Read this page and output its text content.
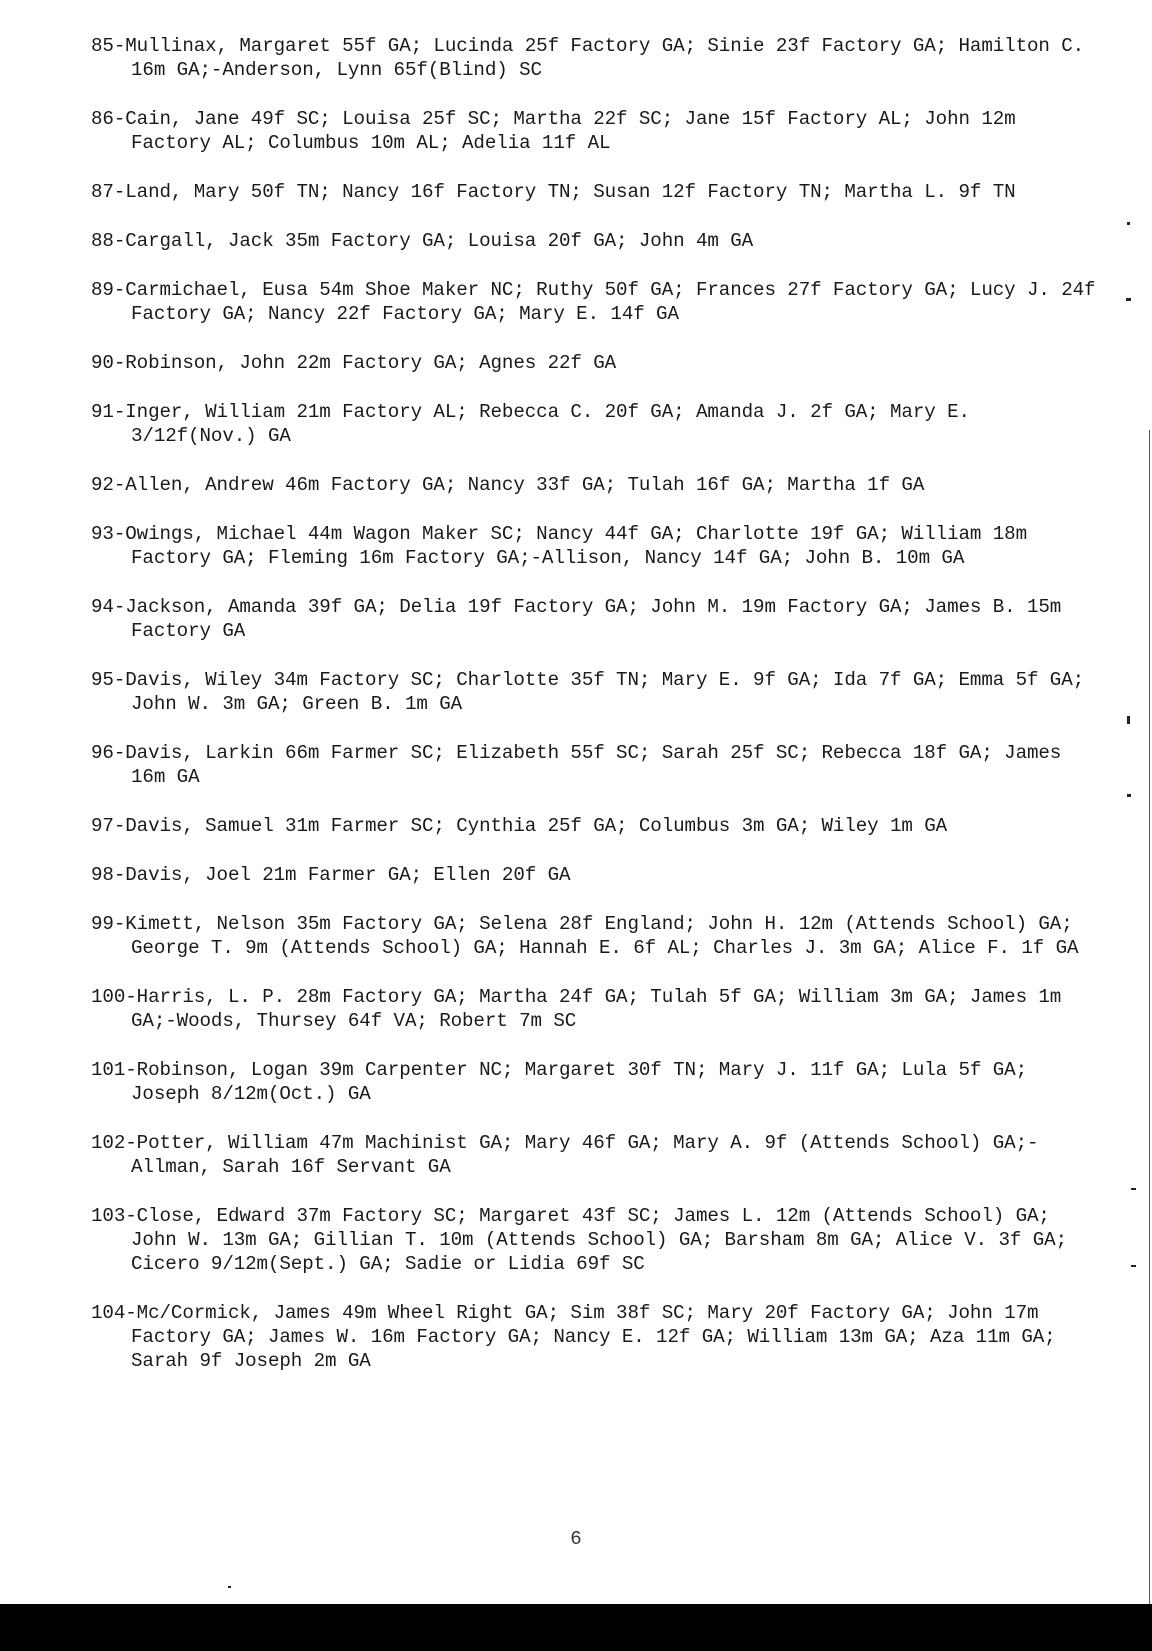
85-Mullinax, Margaret 55f GA; Lucinda 25f Factory GA; Sinie 23f Factory GA; Hamilton C. 16m GA;-Anderson, Lynn 65f(Blind) SC
86-Cain, Jane 49f SC; Louisa 25f SC; Martha 22f SC; Jane 15f Factory AL; John 12m Factory AL; Columbus 10m AL; Adelia 11f AL
87-Land, Mary 50f TN; Nancy 16f Factory TN; Susan 12f Factory TN; Martha L. 9f TN
88-Cargall, Jack 35m Factory GA; Louisa 20f GA; John 4m GA
89-Carmichael, Eusa 54m Shoe Maker NC; Ruthy 50f GA; Frances 27f Factory GA; Lucy J. 24f Factory GA; Nancy 22f Factory GA; Mary E. 14f GA
90-Robinson, John 22m Factory GA; Agnes 22f GA
91-Inger, William 21m Factory AL; Rebecca C. 20f GA; Amanda J. 2f GA; Mary E. 3/12f(Nov.) GA
92-Allen, Andrew 46m Factory GA; Nancy 33f GA; Tulah 16f GA; Martha 1f GA
93-Owings, Michael 44m Wagon Maker SC; Nancy 44f GA; Charlotte 19f GA; William 18m Factory GA; Fleming 16m Factory GA;-Allison, Nancy 14f GA; John B. 10m GA
94-Jackson, Amanda 39f GA; Delia 19f Factory GA; John M. 19m Factory GA; James B. 15m Factory GA
95-Davis, Wiley 34m Factory SC; Charlotte 35f TN; Mary E. 9f GA; Ida 7f GA; Emma 5f GA; John W. 3m GA; Green B. 1m GA
96-Davis, Larkin 66m Farmer SC; Elizabeth 55f SC; Sarah 25f SC; Rebecca 18f GA; James 16m GA
97-Davis, Samuel 31m Farmer SC; Cynthia 25f GA; Columbus 3m GA; Wiley 1m GA
98-Davis, Joel 21m Farmer GA; Ellen 20f GA
99-Kimett, Nelson 35m Factory GA; Selena 28f England; John H. 12m (Attends School) GA; George T. 9m (Attends School) GA; Hannah E. 6f AL; Charles J. 3m GA; Alice F. 1f GA
100-Harris, L. P. 28m Factory GA; Martha 24f GA; Tulah 5f GA; William 3m GA; James 1m GA;-Woods, Thursey 64f VA; Robert 7m SC
101-Robinson, Logan 39m Carpenter NC; Margaret 30f TN; Mary J. 11f GA; Lula 5f GA; Joseph 8/12m(Oct.) GA
102-Potter, William 47m Machinist GA; Mary 46f GA; Mary A. 9f (Attends School) GA;-Allman, Sarah 16f Servant GA
103-Close, Edward 37m Factory SC; Margaret 43f SC; James L. 12m (Attends School) GA; John W. 13m GA; Gillian T. 10m (Attends School) GA; Barsham 8m GA; Alice V. 3f GA; Cicero 9/12m(Sept.) GA; Sadie or Lidia 69f SC
104-Mc/Cormick, James 49m Wheel Right GA; Sim 38f SC; Mary 20f Factory GA; John 17m Factory GA; James W. 16m Factory GA; Nancy E. 12f GA; William 13m GA; Aza 11m GA; Sarah 9f Joseph 2m GA
6
